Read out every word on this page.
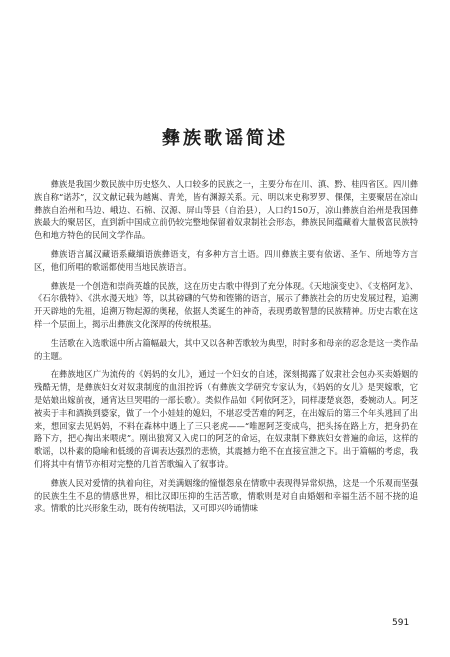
彝族歌谣简述

彝族是我国少数民族中历史悠久、人口较多的民族之一，主要分布在川、滇、黔、桂四省区。四川彝族自称“诺苏”，汉文献记载为越嶲、青羌，皆有渊源关系。元、明以来史称罗罗、倮倮，主要聚居在凉山彝族自治州和马边、峨边、石棉、汉源、屏山等县（自治县），人口约150万，凉山彝族自治州是我国彝族最大的聚居区，直到新中国成立前仍较完整地保留着奴隶制社会形态，彝族民间蕴藏着大量极富民族特色和地方特色的民间文学作品。

彝族语言属汉藏语系藏缅语族彝语支，有多种方言土语。四川彝族主要有依诺、圣乍、所地等方言区，他们所唱的歌谣都使用当地民族语言。

彝族是一个创造和崇尚英雄的民族，这在历史古歌中得到了充分体现。《天地演变史》、《支格阿龙》、《石尔俄特》、《洪水漫天地》等，以其磅礴的气势和铿锵的语言，展示了彝族社会的历史发展过程，追溯开天辟地的先祖，追溯万物起源的奥秘，依据人类诞生的神奇，表现勇敢智慧的民族精神。历史古歌在这样一个层面上，揭示出彝族文化深厚的传统根基。

生活歌在入选歌谣中所占篇幅最大，其中又以各种苦歌较为典型，时时多和母亲的忍念是这一类作品的主题。

在彝族地区广为流传的《妈妈的女儿》，通过一个妇女的自述，深刻揭露了奴隶社会包办买卖婚姻的残酷无情，是彝族妇女对奴隶制度的血泪控诉（有彝族文学研究专家认为，《妈妈的女儿》是哭嫁歌，它是姑娘出嫁前夜，通宵达旦哭唱的一部长歌）。类似作品如《阿依阿芝》，同样凄楚哀怨，委婉动人。阿芝被卖于丰和酒换到婆家，做了一个小娃娃的媳妇，不堪忍受苦难的阿芝，在出嫁后的第三个年头逃回了出来，想回家去见妈妈，不料在森林中遇上了三只老虎——“唯愿阿芝变成鸟，把头扬在路上方，把身扔在路下方，把心掏出来喂虎”。刚出狼窝又入虎口的阿芝的命运，在奴隶制下彝族妇女普遍的命运，这样的歌谣，以朴素的隐喻和低缓的音调表达强烈的悲愤，其震撼力绝不在直接宣泄之下。出于篇幅的考虑，我们将其中有情节亦相对完整的几首苦歌编入了叙事诗。

彝族人民对爱情的执着向往，对美满姻缘的憧憬怨泉在情歌中表现得异常炽热，这是一个乐观而坚强的民族生生不息的情感世界，相比汉即压抑的生活苦歌，情歌则是对自由婚姻和幸福生活不屈不挠的追求。情歌的比兴形象生动，既有传统唱法，又可即兴吟诵情味

591
